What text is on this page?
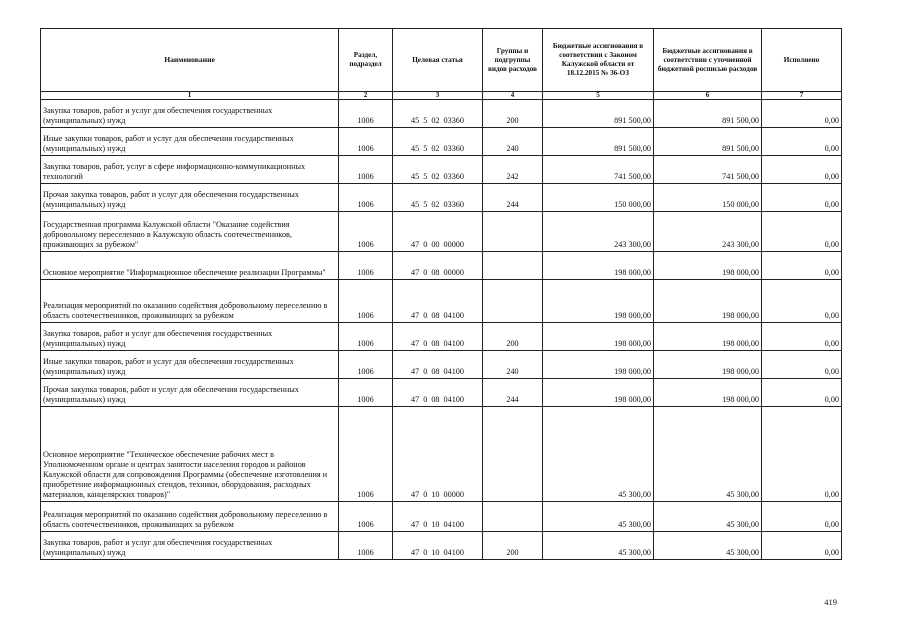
Наименование	Раздел, подраздел	Целевая статья	Группы и подгруппы видов расходов	Бюджетные ассигнования в соответствии с Законом Калужской области от 18.12.2015 № 36-ОЗ	Бюджетные ассигнования в соответствии с уточненной бюджетной росписью расходов	Исполнено
1	2	3	4	5	6	7
Закупка товаров, работ и услуг для обеспечения государственных (муниципальных) нужд	1006	45 5 02 03360	200	891 500,00	891 500,00	0,00
Иные закупки товаров, работ и услуг для обеспечения государственных (муниципальных) нужд	1006	45 5 02 03360	240	891 500,00	891 500,00	0,00
Закупка товаров, работ, услуг в сфере информационно-коммуникационных технологий	1006	45 5 02 03360	242	741 500,00	741 500,00	0,00
Прочая закупка товаров, работ и услуг для обеспечения государственных (муниципальных) нужд	1006	45 5 02 03360	244	150 000,00	150 000,00	0,00
Государственная программа Калужской области "Оказание содействия добровольному переселению в Калужскую область соотечественников, проживающих за рубежом"	1006	47 0 00 00000		243 300,00	243 300,00	0,00
Основное мероприятие "Информационное обеспечение реализации Программы"	1006	47 0 08 00000		198 000,00	198 000,00	0,00
Реализация мероприятий по оказанию содействия добровольному переселению в область соотечественников, проживающих за рубежом	1006	47 0 08 04100		198 000,00	198 000,00	0,00
Закупка товаров, работ и услуг для обеспечения государственных (муниципальных) нужд	1006	47 0 08 04100	200	198 000,00	198 000,00	0,00
Иные закупки товаров, работ и услуг для обеспечения государственных (муниципальных) нужд	1006	47 0 08 04100	240	198 000,00	198 000,00	0,00
Прочая закупка товаров, работ и услуг для обеспечения государственных (муниципальных) нужд	1006	47 0 08 04100	244	198 000,00	198 000,00	0,00
Основное мероприятие "Техническое обеспечение рабочих мест в Уполномоченном органе и центрах занятости населения городов и районов Калужской области для сопровождения Программы (обеспечение изготовления и приобретение информационных стендов, техники, оборудования, расходных материалов, канцелярских товаров)"	1006	47 0 10 00000		45 300,00	45 300,00	0,00
Реализация мероприятий по оказанию содействия добровольному переселению в область соотечественников, проживающих за рубежом	1006	47 0 10 04100		45 300,00	45 300,00	0,00
Закупка товаров, работ и услуг для обеспечения государственных (муниципальных) нужд	1006	47 0 10 04100	200	45 300,00	45 300,00	0,00
419
